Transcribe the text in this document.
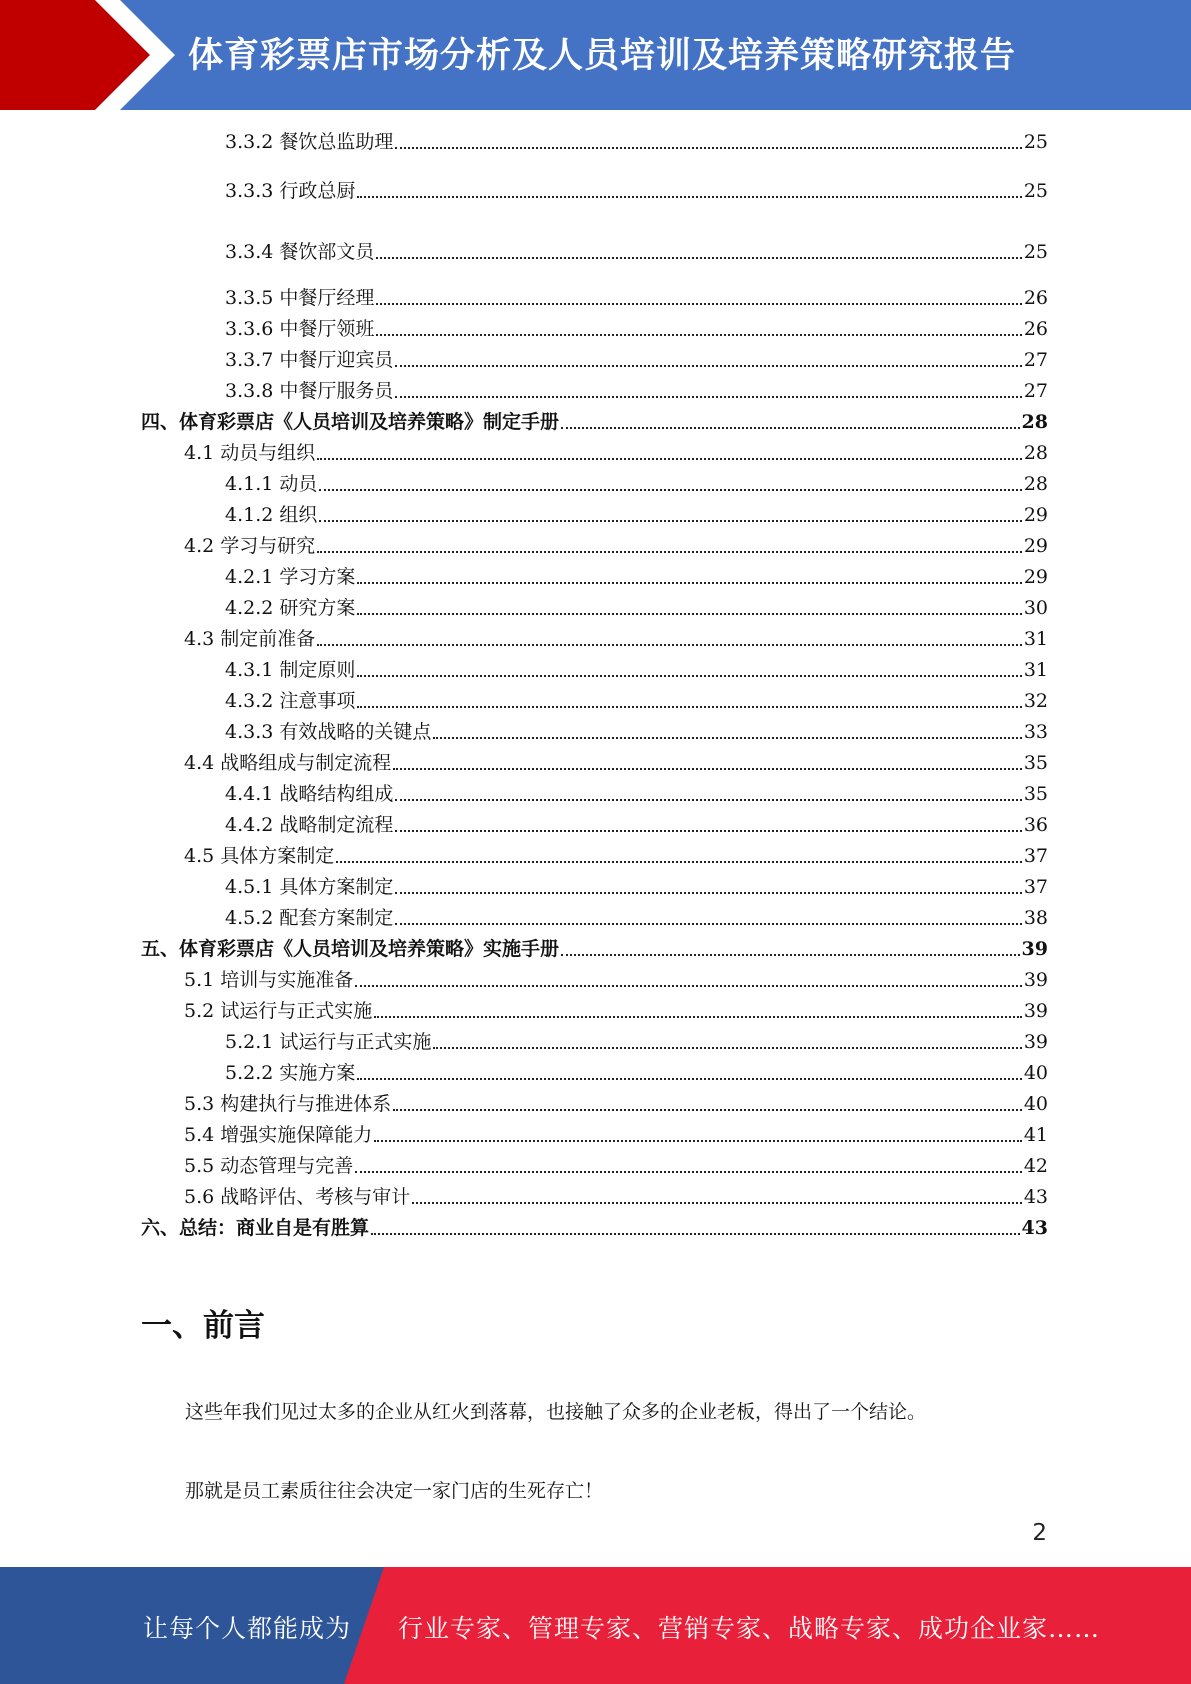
体育彩票店市场分析及人员培训及培养策略研究报告
3.3.2 餐饮总监助理	25
3.3.3 行政总厨	25
3.3.4 餐饮部文员	25
3.3.5 中餐厅经理	26
3.3.6 中餐厅领班	26
3.3.7 中餐厅迎宾员	27
3.3.8 中餐厅服务员	27
四、体育彩票店《人员培训及培养策略》制定手册	28
4.1 动员与组织	28
4.1.1 动员	28
4.1.2 组织	29
4.2 学习与研究	29
4.2.1 学习方案	29
4.2.2 研究方案	30
4.3 制定前准备	31
4.3.1 制定原则	31
4.3.2 注意事项	32
4.3.3 有效战略的关键点	33
4.4 战略组成与制定流程	35
4.4.1 战略结构组成	35
4.4.2 战略制定流程	36
4.5 具体方案制定	37
4.5.1 具体方案制定	37
4.5.2 配套方案制定	38
五、体育彩票店《人员培训及培养策略》实施手册	39
5.1 培训与实施准备	39
5.2 试运行与正式实施	39
5.2.1 试运行与正式实施	39
5.2.2 实施方案	40
5.3 构建执行与推进体系	40
5.4 增强实施保障能力	41
5.5 动态管理与完善	42
5.6 战略评估、考核与审计	43
六、总结：商业自是有胜算	43
一、前言
这些年我们见过太多的企业从红火到落幕，也接触了众多的企业老板，得出了一个结论。
那就是员工素质往往会决定一家门店的生死存亡！
2
让每个人都能成为 行业专家、管理专家、营销专家、战略专家、成功企业家……
